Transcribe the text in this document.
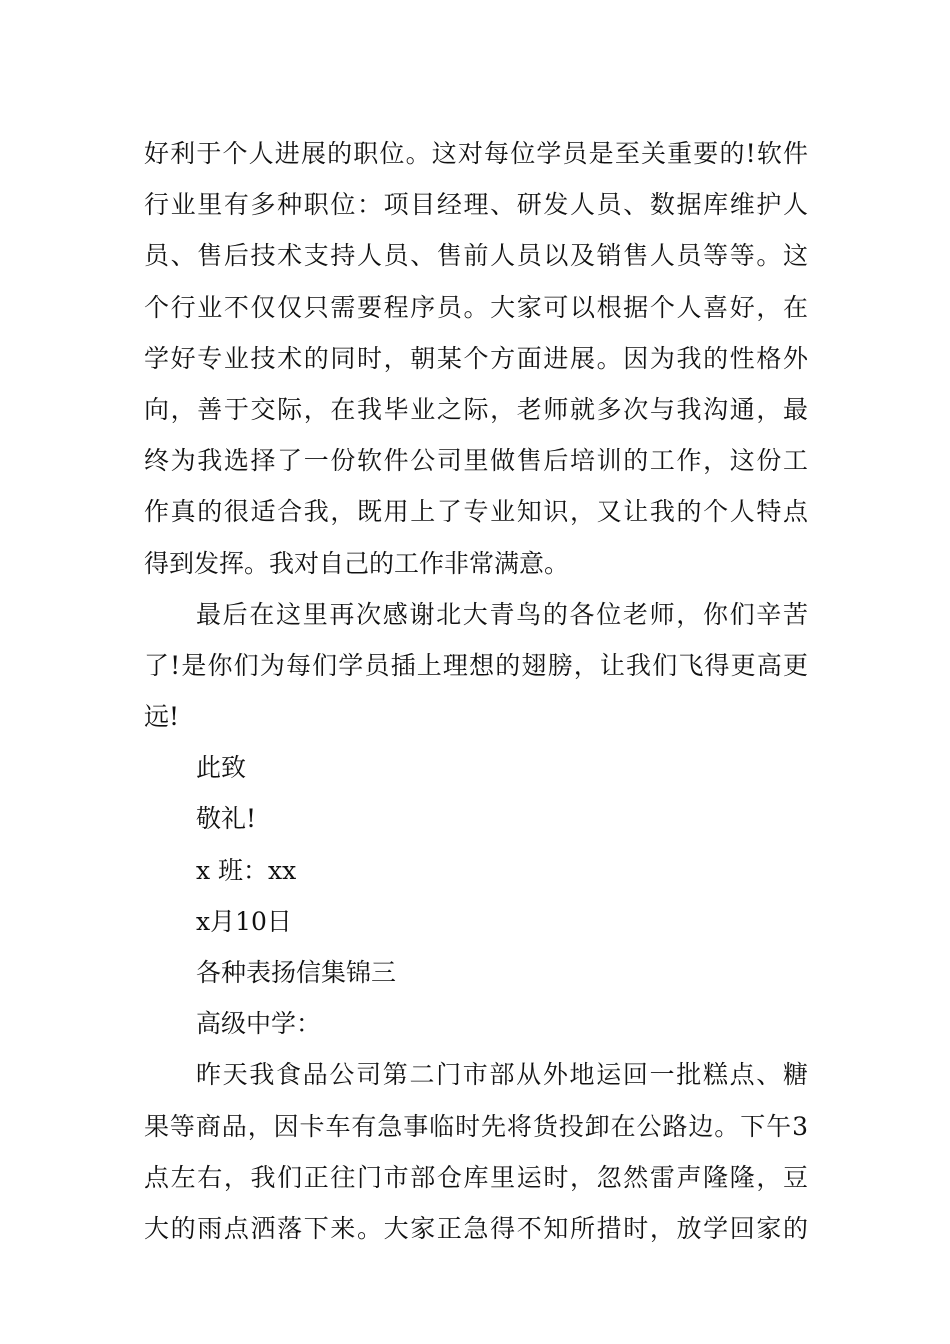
好利于个人进展的职位。这对每位学员是至关重要的!软件
行业里有多种职位：项目经理、研发人员、数据库维护人
员、售后技术支持人员、售前人员以及销售人员等等。这
个行业不仅仅只需要程序员。大家可以根据个人喜好，在
学好专业技术的同时，朝某个方面进展。因为我的性格外
向，善于交际，在我毕业之际，老师就多次与我沟通，最
终为我选择了一份软件公司里做售后培训的工作，这份工
作真的很适合我，既用上了专业知识，又让我的个人特点
得到发挥。我对自己的工作非常满意。
最后在这里再次感谢北大青鸟的各位老师，你们辛苦
了!是你们为每们学员插上理想的翅膀，让我们飞得更高更
远!
此致
敬礼!
x 班：xx
x月10日
各种表扬信集锦三
高级中学：
昨天我食品公司第二门市部从外地运回一批糕点、糖
果等商品，因卡车有急事临时先将货投卸在公路边。下午3
点左右，我们正往门市部仓库里运时，忽然雷声隆隆，豆
大的雨点洒落下来。大家正急得不知所措时，放学回家的
